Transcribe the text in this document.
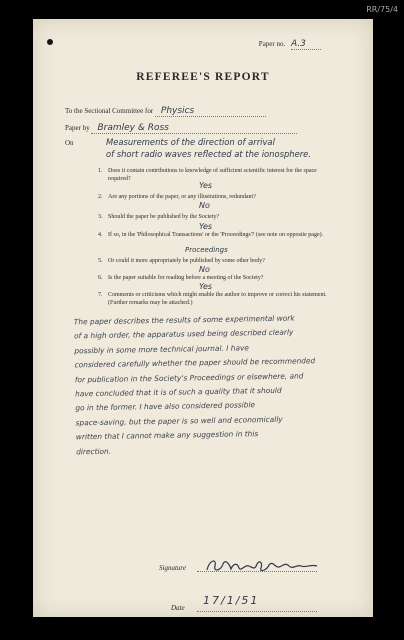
RR/75/4
Paper no. A.3
REFEREE'S REPORT
To the Sectional Committee for Physics
Paper by Bramley & Ross
On	Measurements of the direction of arrival
of short radio waves reflected at the ionosphere.
1. Does it contain contributions to knowledge of sufficient scientific interest for the space required?
Yes
2. Are any portions of the paper, or any illustrations, redundant?
No
3. Should the paper be published by the Society?
Yes
4. If so, in the 'Philosophical Transactions' or the 'Proceedings'? (see note on opposite page).
Proceedings
5. Or could it more appropriately be published by some other body?
No
6. Is the paper suitable for reading before a meeting of the Society?
Yes
7. Comments or criticisms which might enable the author to improve or correct his statement. (Further remarks may be attached.)
The paper describes the results of some experimental work
of a high order, the apparatus used being described clearly
possibly in some more technical journal. I have
considered carefully whether the paper should be recommended
for publication in the Society's Proceedings or elsewhere, and
have concluded that it is of such a quality that it should
go in the former. I have also considered possible
space-saving, but the paper is so well and economically
written that I cannot make any suggestion in this
direction.
Signature
Date
17/1/51
